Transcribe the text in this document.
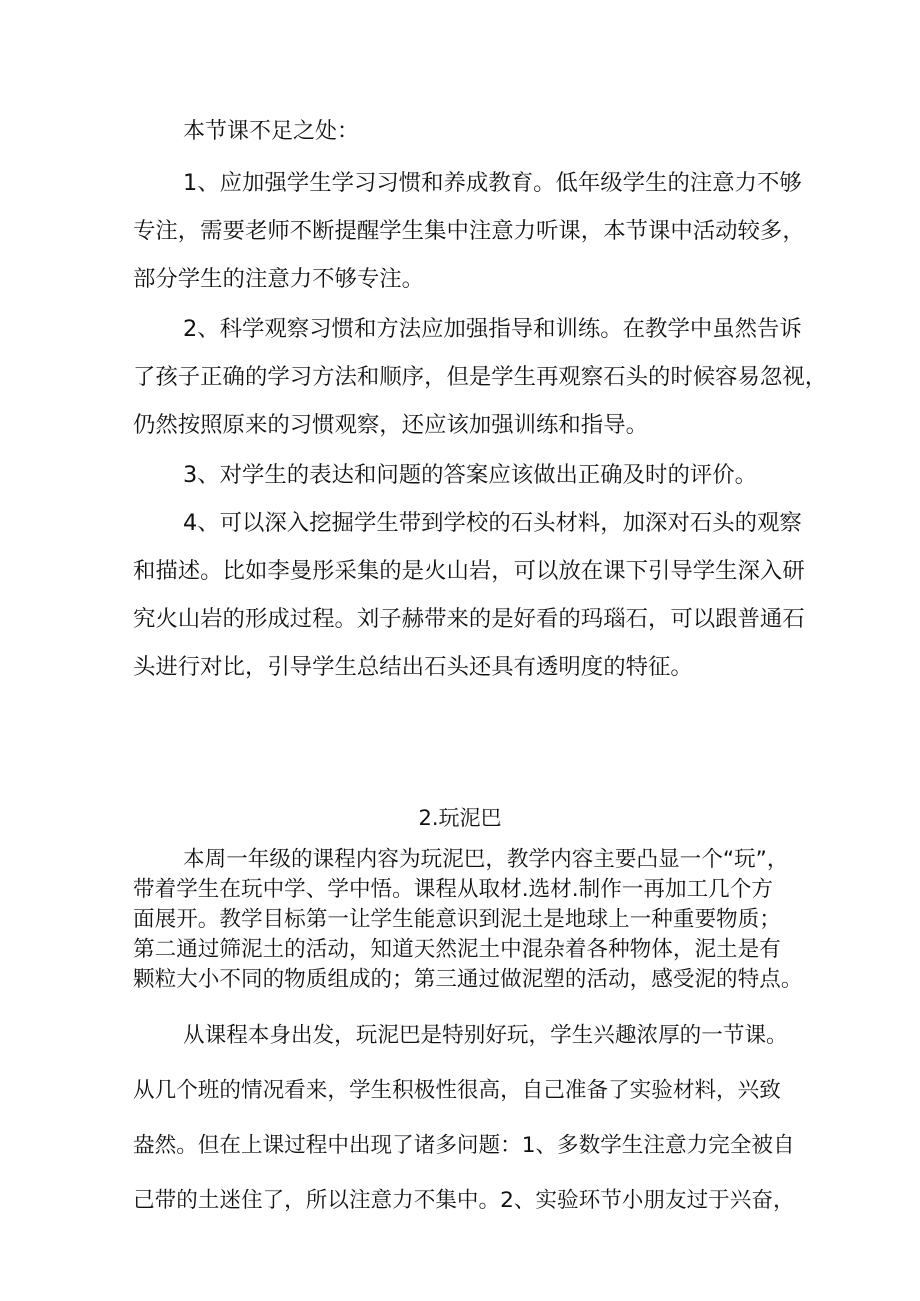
本节课不足之处：
1、应加强学生学习习惯和养成教育。低年级学生的注意力不够
专注，需要老师不断提醒学生集中注意力听课，本节课中活动较多，
部分学生的注意力不够专注。
2、科学观察习惯和方法应加强指导和训练。在教学中虽然告诉
了孩子正确的学习方法和顺序，但是学生再观察石头的时候容易忽视，
仍然按照原来的习惯观察，还应该加强训练和指导。
3、对学生的表达和问题的答案应该做出正确及时的评价。
4、可以深入挖掘学生带到学校的石头材料，加深对石头的观察
和描述。比如李曼彤采集的是火山岩，可以放在课下引导学生深入研
究火山岩的形成过程。刘子赫带来的是好看的玛瑙石，可以跟普通石
头进行对比，引导学生总结出石头还具有透明度的特征。
2.玩泥巴
本周一年级的课程内容为玩泥巴，教学内容主要凸显一个“玩”，
带着学生在玩中学、学中悟。课程从取材.选材.制作一再加工几个方
面展开。教学目标第一让学生能意识到泥土是地球上一种重要物质；
第二通过筛泥土的活动，知道天然泥土中混杂着各种物体，泥土是有
颗粒大小不同的物质组成的；第三通过做泥塑的活动，感受泥的特点。
从课程本身出发，玩泥巴是特别好玩，学生兴趣浓厚的一节课。
从几个班的情况看来，学生积极性很高，自己准备了实验材料，兴致
盎然。但在上课过程中出现了诸多问题：1、多数学生注意力完全被自
己带的土迷住了，所以注意力不集中。2、实验环节小朋友过于兴奋，
